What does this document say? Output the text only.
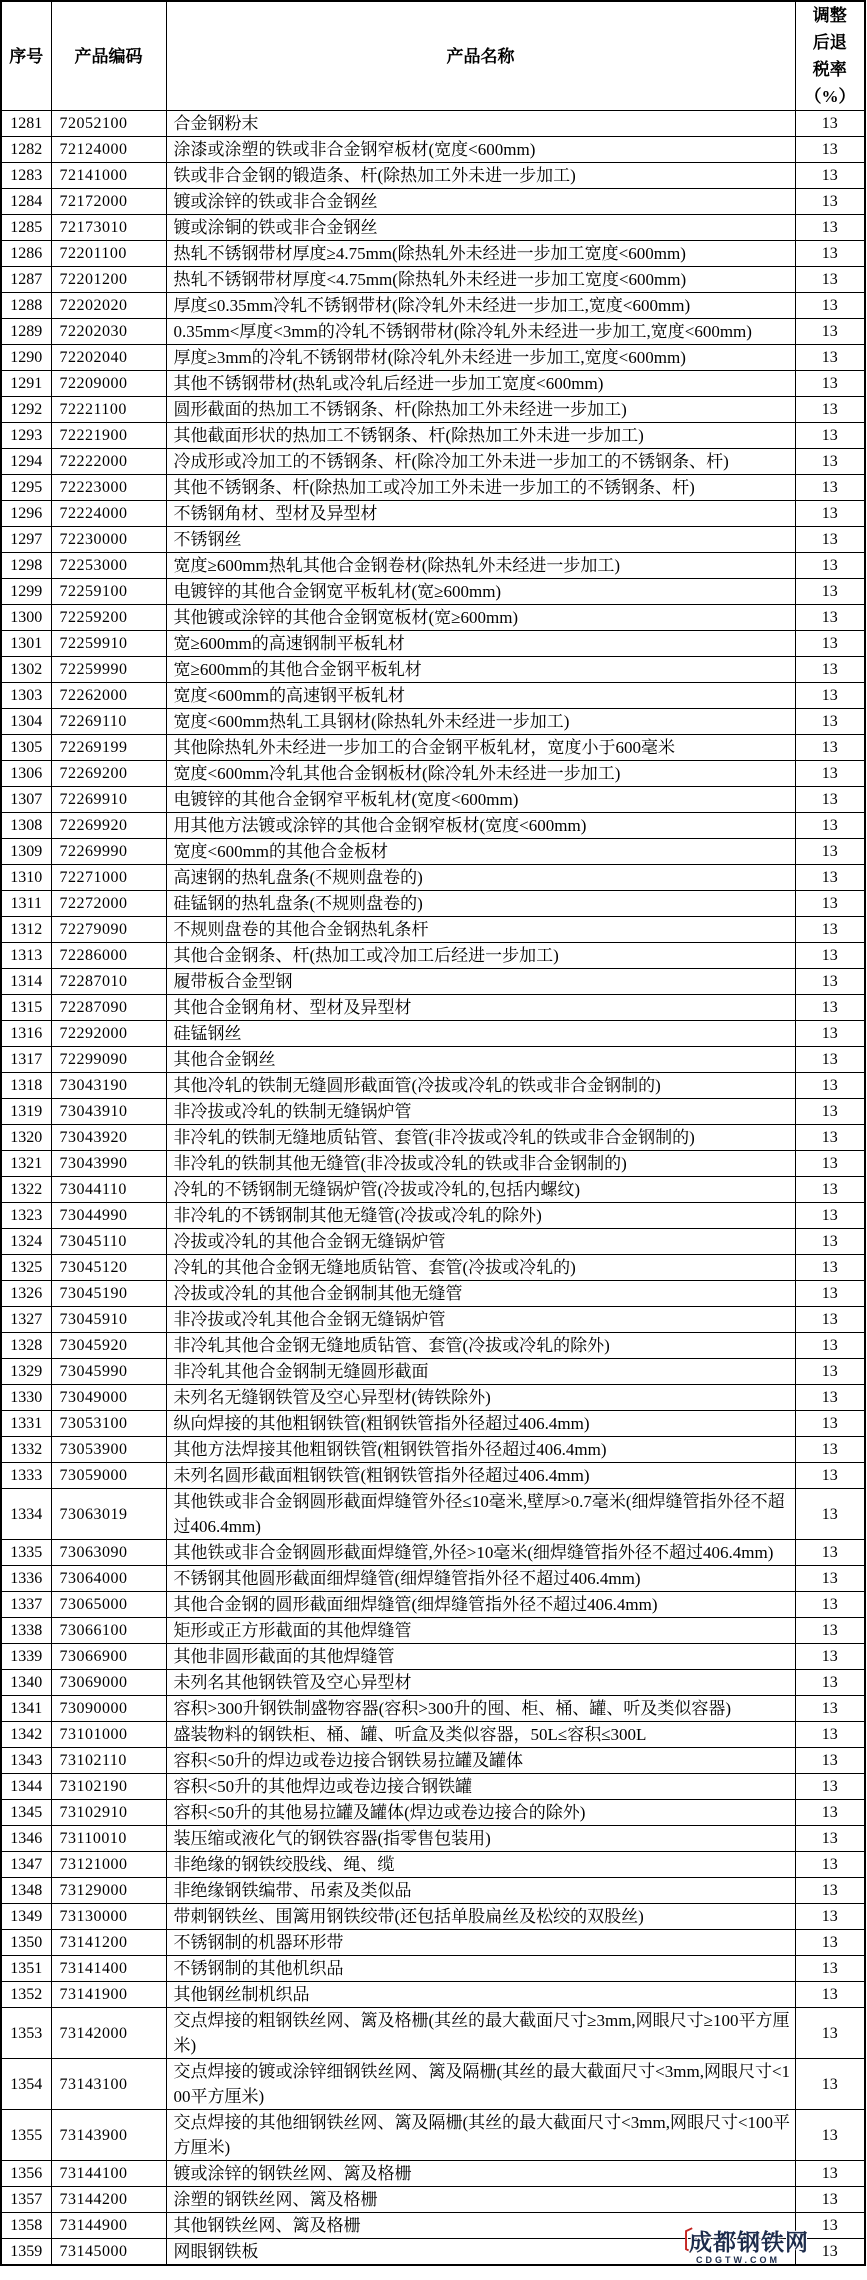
序号	产品编码	产品名称	调整后退税率（%）
1281	72052100	合金钢粉末	13
1282	72124000	涂漆或涂塑的铁或非合金钢窄板材(宽度<600mm)	13
1283	72141000	铁或非合金钢的锻造条、杆(除热加工外未进一步加工)	13
1284	72172000	镀或涂锌的铁或非合金钢丝	13
1285	72173010	镀或涂铜的铁或非合金钢丝	13
1286	72201100	热轧不锈钢带材厚度≥4.75mm(除热轧外未经进一步加工宽度<600mm)	13
1287	72201200	热轧不锈钢带材厚度<4.75mm(除热轧外未经进一步加工宽度<600mm)	13
1288	72202020	厚度≤0.35mm冷轧不锈钢带材(除冷轧外未经进一步加工,宽度<600mm)	13
1289	72202030	0.35mm<厚度<3mm的冷轧不锈钢带材(除冷轧外未经进一步加工,宽度<600mm)	13
1290	72202040	厚度≥3mm的冷轧不锈钢带材(除冷轧外未经进一步加工,宽度<600mm)	13
1291	72209000	其他不锈钢带材(热轧或冷轧后经进一步加工宽度<600mm)	13
1292	72221100	圆形截面的热加工不锈钢条、杆(除热加工外未经进一步加工)	13
1293	72221900	其他截面形状的热加工不锈钢条、杆(除热加工外未进一步加工)	13
1294	72222000	冷成形或冷加工的不锈钢条、杆(除冷加工外未进一步加工的不锈钢条、杆)	13
1295	72223000	其他不锈钢条、杆(除热加工或冷加工外未进一步加工的不锈钢条、杆)	13
1296	72224000	不锈钢角材、型材及异型材	13
1297	72230000	不锈钢丝	13
1298	72253000	宽度≥600mm热轧其他合金钢卷材(除热轧外未经进一步加工)	13
1299	72259100	电镀锌的其他合金钢宽平板轧材(宽≥600mm)	13
1300	72259200	其他镀或涂锌的其他合金钢宽板材(宽≥600mm)	13
1301	72259910	宽≥600mm的高速钢制平板轧材	13
1302	72259990	宽≥600mm的其他合金钢平板轧材	13
1303	72262000	宽度<600mm的高速钢平板轧材	13
1304	72269110	宽度<600mm热轧工具钢材(除热轧外未经进一步加工)	13
1305	72269199	其他除热轧外未经进一步加工的合金钢平板轧材，宽度小于600毫米	13
1306	72269200	宽度<600mm冷轧其他合金钢板材(除冷轧外未经进一步加工)	13
1307	72269910	电镀锌的其他合金钢窄平板轧材(宽度<600mm)	13
1308	72269920	用其他方法镀或涂锌的其他合金钢窄板材(宽度<600mm)	13
1309	72269990	宽度<600mm的其他合金板材	13
1310	72271000	高速钢的热轧盘条(不规则盘卷的)	13
1311	72272000	硅锰钢的热轧盘条(不规则盘卷的)	13
1312	72279090	不规则盘卷的其他合金钢热轧条杆	13
1313	72286000	其他合金钢条、杆(热加工或冷加工后经进一步加工)	13
1314	72287010	履带板合金型钢	13
1315	72287090	其他合金钢角材、型材及异型材	13
1316	72292000	硅锰钢丝	13
1317	72299090	其他合金钢丝	13
1318	73043190	其他冷轧的铁制无缝圆形截面管(冷拔或冷轧的铁或非合金钢制的)	13
1319	73043910	非冷拔或冷轧的铁制无缝锅炉管	13
1320	73043920	非冷轧的铁制无缝地质钻管、套管(非冷拔或冷轧的铁或非合金钢制的)	13
1321	73043990	非冷轧的铁制其他无缝管(非冷拔或冷轧的铁或非合金钢制的)	13
1322	73044110	冷轧的不锈钢制无缝锅炉管(冷拔或冷轧的,包括内螺纹)	13
1323	73044990	非冷轧的不锈钢制其他无缝管(冷拔或冷轧的除外)	13
1324	73045110	冷拔或冷轧的其他合金钢无缝锅炉管	13
1325	73045120	冷轧的其他合金钢无缝地质钻管、套管(冷拔或冷轧的)	13
1326	73045190	冷拔或冷轧的其他合金钢制其他无缝管	13
1327	73045910	非冷拔或冷轧其他合金钢无缝锅炉管	13
1328	73045920	非冷轧其他合金钢无缝地质钻管、套管(冷拔或冷轧的除外)	13
1329	73045990	非冷轧其他合金钢制无缝圆形截面	13
1330	73049000	未列名无缝钢铁管及空心异型材(铸铁除外)	13
1331	73053100	纵向焊接的其他粗钢铁管(粗钢铁管指外径超过406.4mm)	13
1332	73053900	其他方法焊接其他粗钢铁管(粗钢铁管指外径超过406.4mm)	13
1333	73059000	未列名圆形截面粗钢铁管(粗钢铁管指外径超过406.4mm)	13
1334	73063019	其他铁或非合金钢圆形截面焊缝管外径≤10毫米,壁厚>0.7毫米(细焊缝管指外径不超过406.4mm)	13
1335	73063090	其他铁或非合金钢圆形截面焊缝管,外径>10毫米(细焊缝管指外径不超过406.4mm)	13
1336	73064000	不锈钢其他圆形截面细焊缝管(细焊缝管指外径不超过406.4mm)	13
1337	73065000	其他合金钢的圆形截面细焊缝管(细焊缝管指外径不超过406.4mm)	13
1338	73066100	矩形或正方形截面的其他焊缝管	13
1339	73066900	其他非圆形截面的其他焊缝管	13
1340	73069000	未列名其他钢铁管及空心异型材	13
1341	73090000	容积>300升钢铁制盛物容器(容积>300升的囤、柜、桶、罐、听及类似容器)	13
1342	73101000	盛装物料的钢铁柜、桶、罐、听盒及类似容器，50L≤容积≤300L	13
1343	73102110	容积<50升的焊边或卷边接合钢铁易拉罐及罐体	13
1344	73102190	容积<50升的其他焊边或卷边接合钢铁罐	13
1345	73102910	容积<50升的其他易拉罐及罐体(焊边或卷边接合的除外)	13
1346	73110010	装压缩或液化气的钢铁容器(指零售包装用)	13
1347	73121000	非绝缘的钢铁绞股线、绳、缆	13
1348	73129000	非绝缘钢铁编带、吊索及类似品	13
1349	73130000	带刺钢铁丝、围篱用钢铁绞带(还包括单股扁丝及松绞的双股丝)	13
1350	73141200	不锈钢制的机器环形带	13
1351	73141400	不锈钢制的其他机织品	13
1352	73141900	其他钢丝制机织品	13
1353	73142000	交点焊接的粗钢铁丝网、篱及格栅(其丝的最大截面尺寸≥3mm,网眼尺寸≥100平方厘米)	13
1354	73143100	交点焊接的镀或涂锌细钢铁丝网、篱及隔栅(其丝的最大截面尺寸<3mm,网眼尺寸<100平方厘米)	13
1355	73143900	交点焊接的其他细钢铁丝网、篱及隔栅(其丝的最大截面尺寸<3mm,网眼尺寸<100平方厘米)	13
1356	73144100	镀或涂锌的钢铁丝网、篱及格栅	13
1357	73144200	涂塑的钢铁丝网、篱及格栅	13
1358	73144900	其他钢铁丝网、篱及格栅	13
1359	73145000	网眼钢铁板	13
〔
成都钢铁网
CDGTW.COM
